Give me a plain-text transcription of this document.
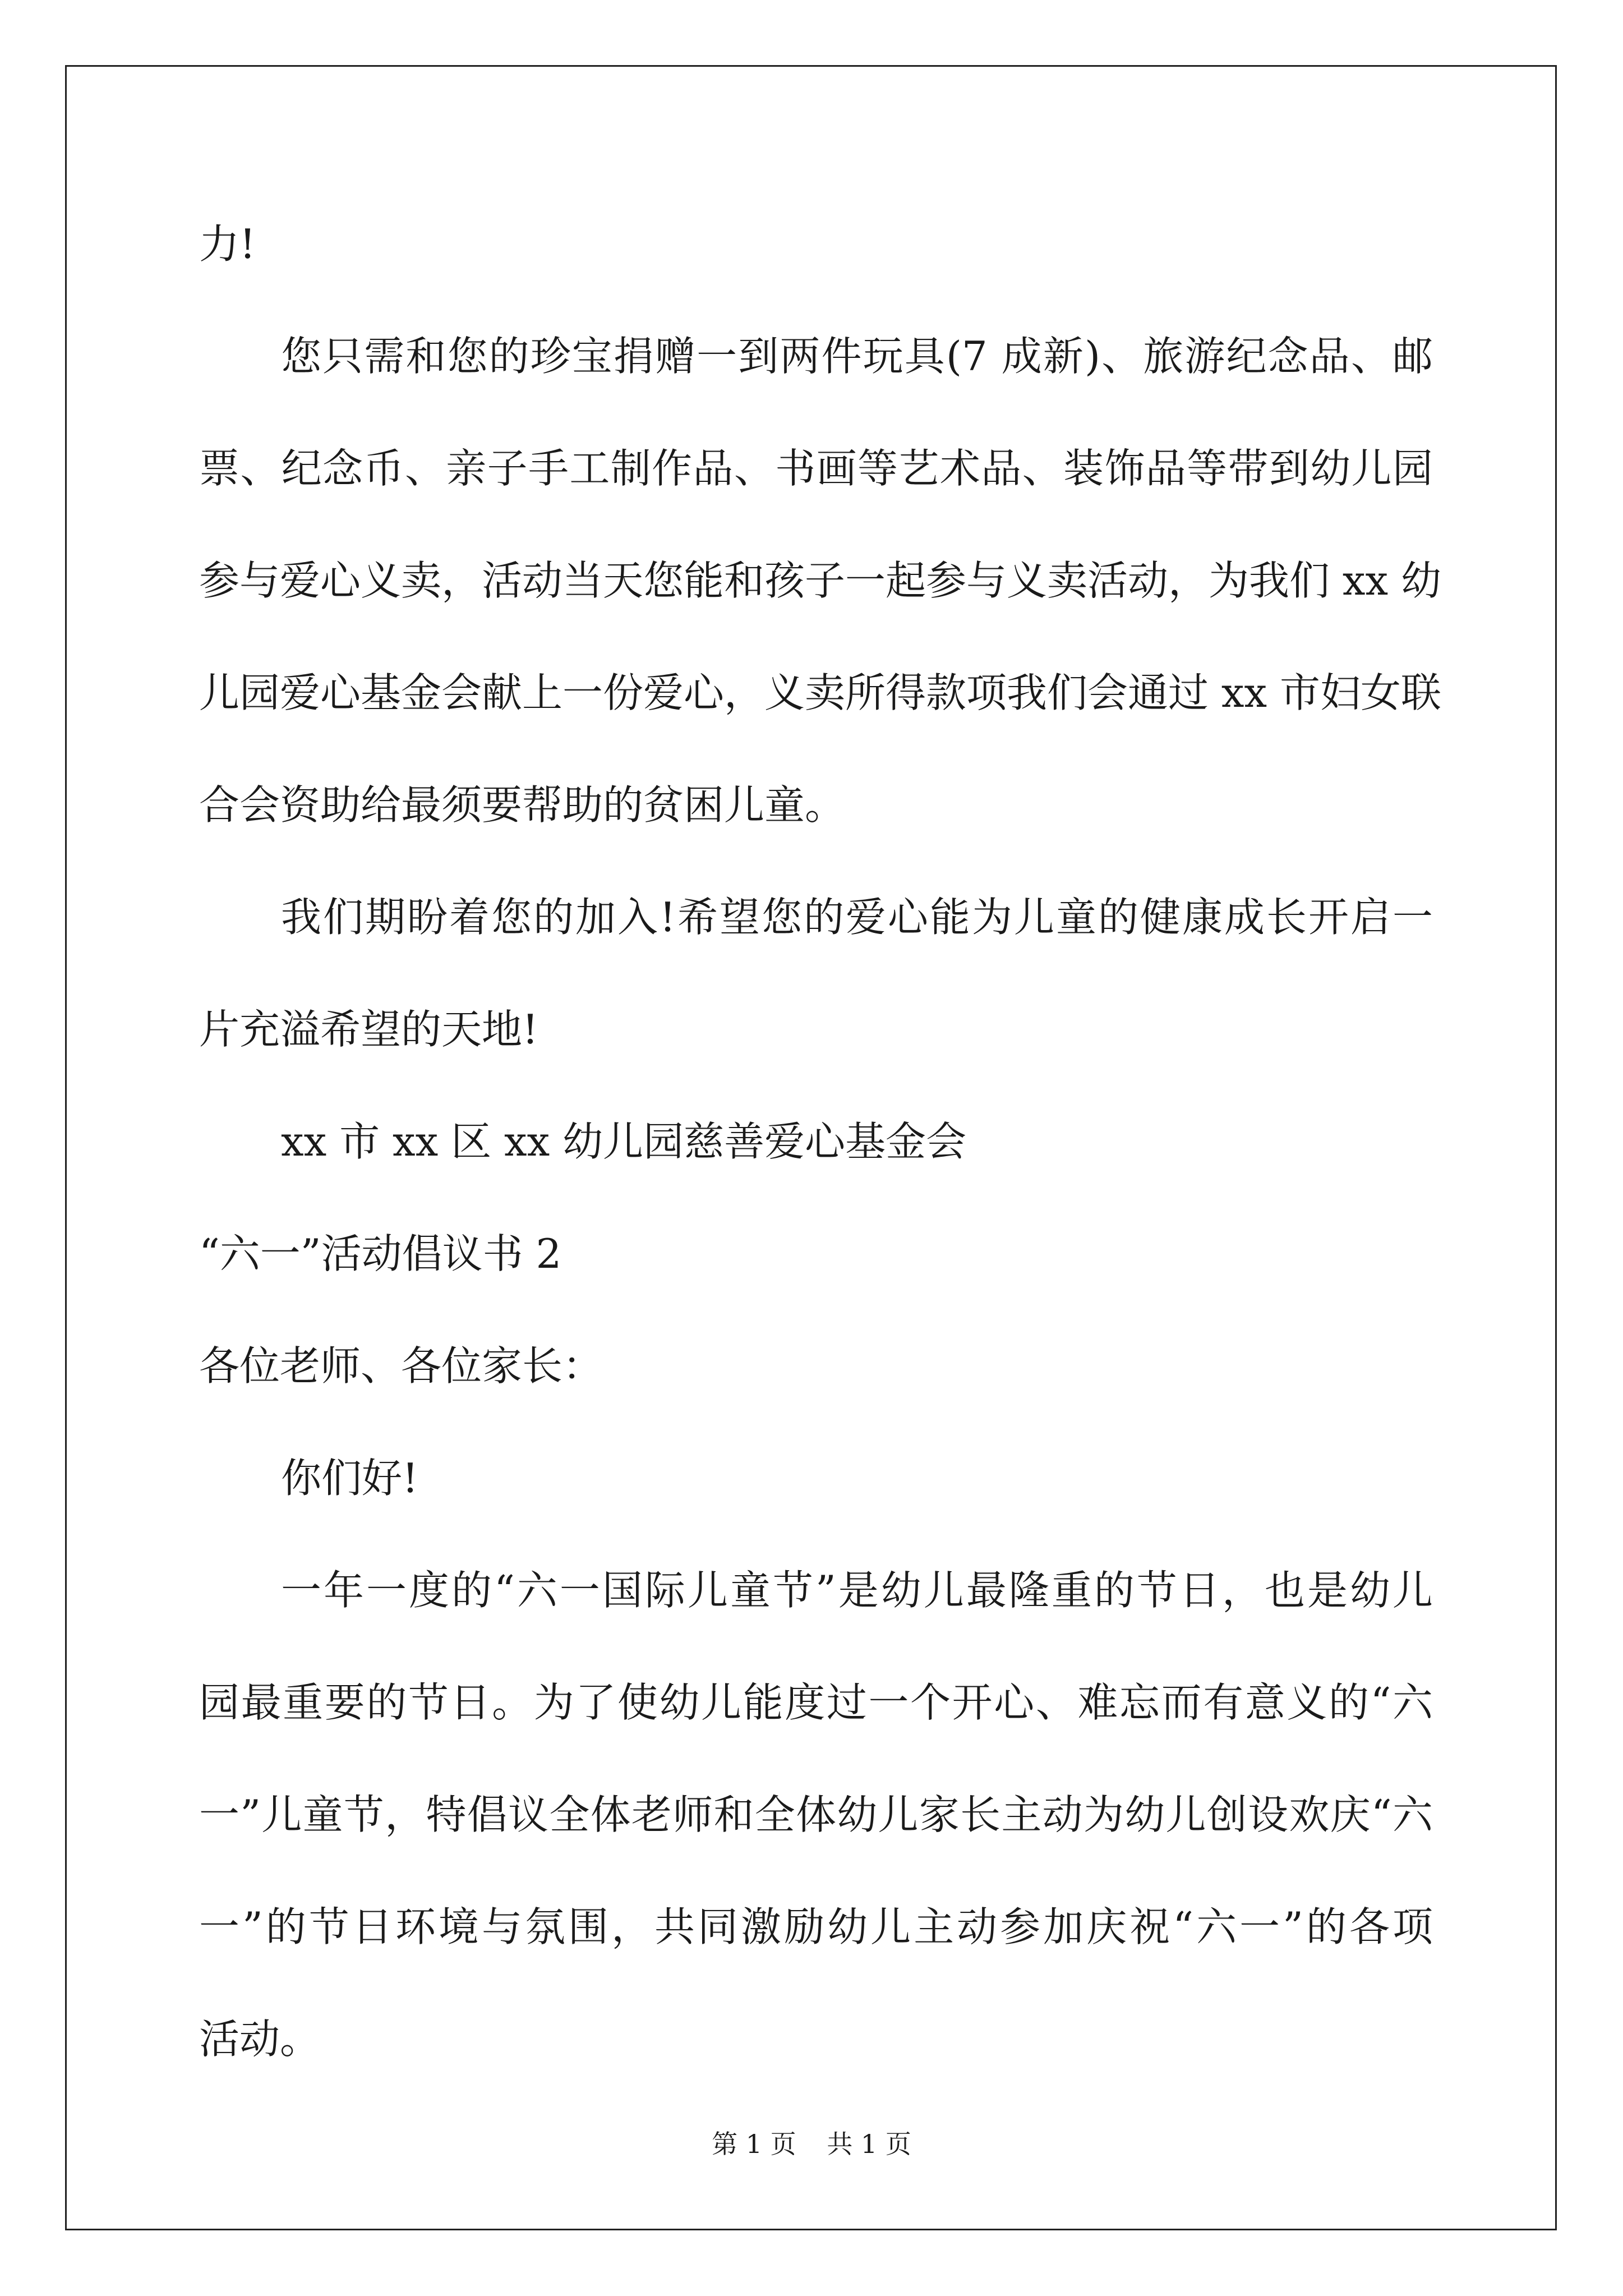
力!
您只需和您的珍宝捐赠一到两件玩具(7 成新)、旅游纪念品、邮
票、纪念币、亲子手工制作品、书画等艺术品、装饰品等带到幼儿园
参与爱心义卖，活动当天您能和孩子一起参与义卖活动，为我们 xx 幼
儿园爱心基金会献上一份爱心，义卖所得款项我们会通过 xx 市妇女联
合会资助给最须要帮助的贫困儿童。
我们期盼着您的加入!希望您的爱心能为儿童的健康成长开启一
片充溢希望的天地!
xx 市 xx 区 xx 幼儿园慈善爱心基金会
“六一”活动倡议书 2
各位老师、各位家长：
你们好!
一年一度的“六一国际儿童节”是幼儿最隆重的节日，也是幼儿
园最重要的节日。为了使幼儿能度过一个开心、难忘而有意义的“六
一”儿童节，特倡议全体老师和全体幼儿家长主动为幼儿创设欢庆“六
一”的节日环境与氛围，共同激励幼儿主动参加庆祝“六一”的各项
活动。
第 1 页 共 1 页
